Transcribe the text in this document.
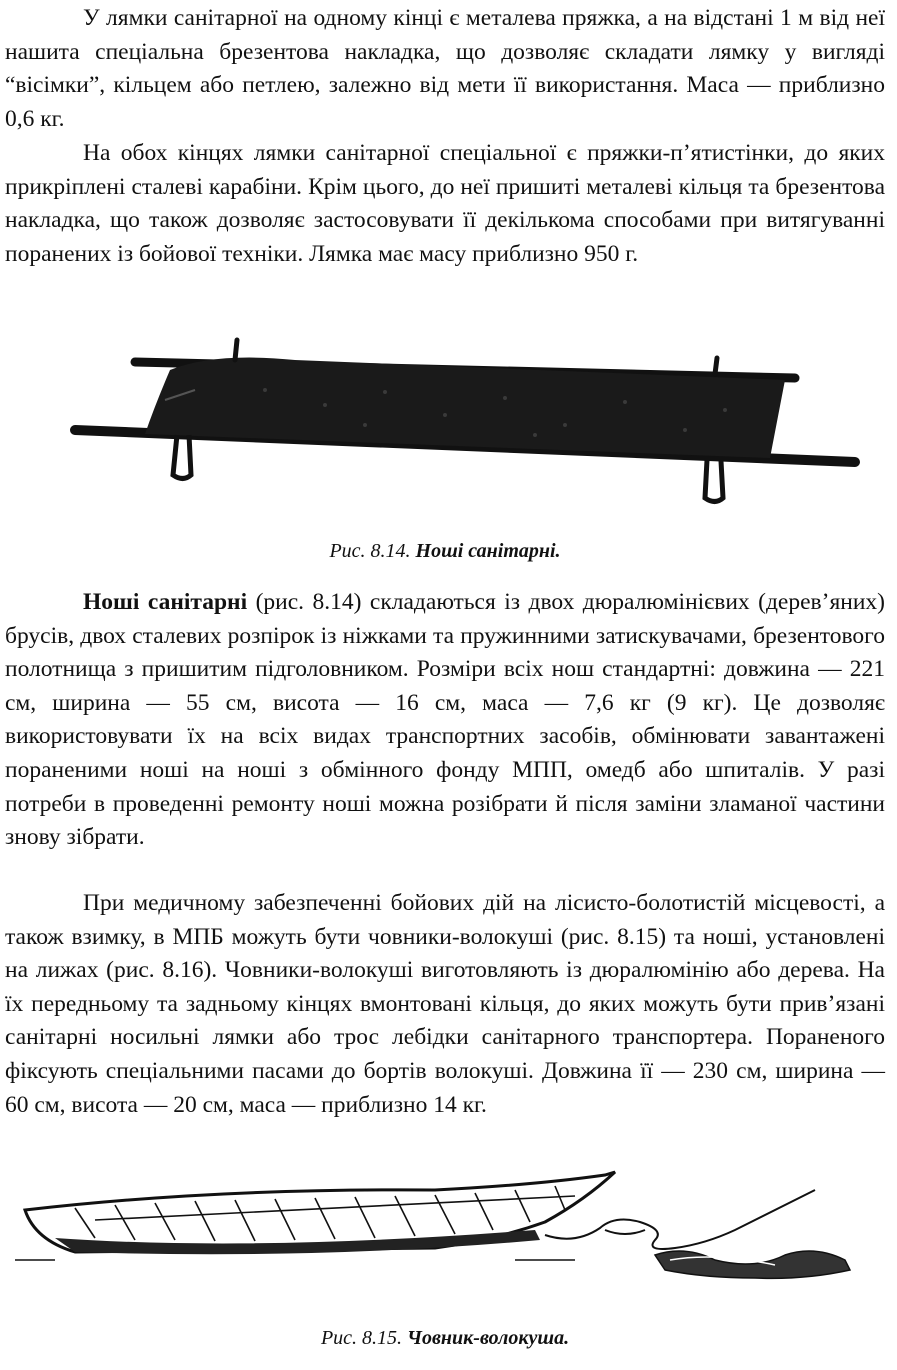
У лямки санітарної на одному кінці є металева пряжка, а на відстані 1 м від неї нашита спеціальна брезентова накладка, що дозволяє складати лямку у вигляді “вісімки”, кільцем або петлею, залежно від мети її використання. Маса — приблизно 0,6 кг.

На обох кінцях лямки санітарної спеціальної є пряжки-п’ятистінки, до яких прикріплені сталеві карабіни. Крім цього, до неї пришиті металеві кільця та брезентова накладка, що також дозволяє застосовувати її декількома способами при витягуванні поранених із бойової техніки. Лямка має масу приблизно 950 г.

Рис. 8.14. Ноші санітарні.

Ноші санітарні (рис. 8.14) складаються із двох дюралюмінієвих (дерев’яних) брусів, двох сталевих розпірок із ніжками та пружинними затискувачами, брезентового полотнища з пришитим підголовником. Розміри всіх нош стандартні: довжина — 221 см, ширина — 55 см, висота — 16 см, маса — 7,6 кг (9 кг). Це дозволяє використовувати їх на всіх видах транспортних засобів, обмінювати завантажені пораненими ноші на ноші з обмінного фонду МПП, омедб або шпиталів. У разі потреби в проведенні ремонту ноші можна розібрати й після заміни зламаної частини знову зібрати.

При медичному забезпеченні бойових дій на лісисто-болотистій місцевості, а також взимку, в МПБ можуть бути човники-волокуші (рис. 8.15) та ноші, установлені на лижах (рис. 8.16). Човники-волокуші виготовляють із дюралюмінію або дерева. На їх передньому та задньому кінцях вмонтовані кільця, до яких можуть бути прив’язані санітарні носильні лямки або трос лебідки санітарного транспортера. Пораненого фіксують спеціальними пасами до бортів волокуші. Довжина її — 230 см, ширина — 60 см, висота — 20 см, маса — приблизно 14 кг.

Рис. 8.15. Човник-волокуша.
